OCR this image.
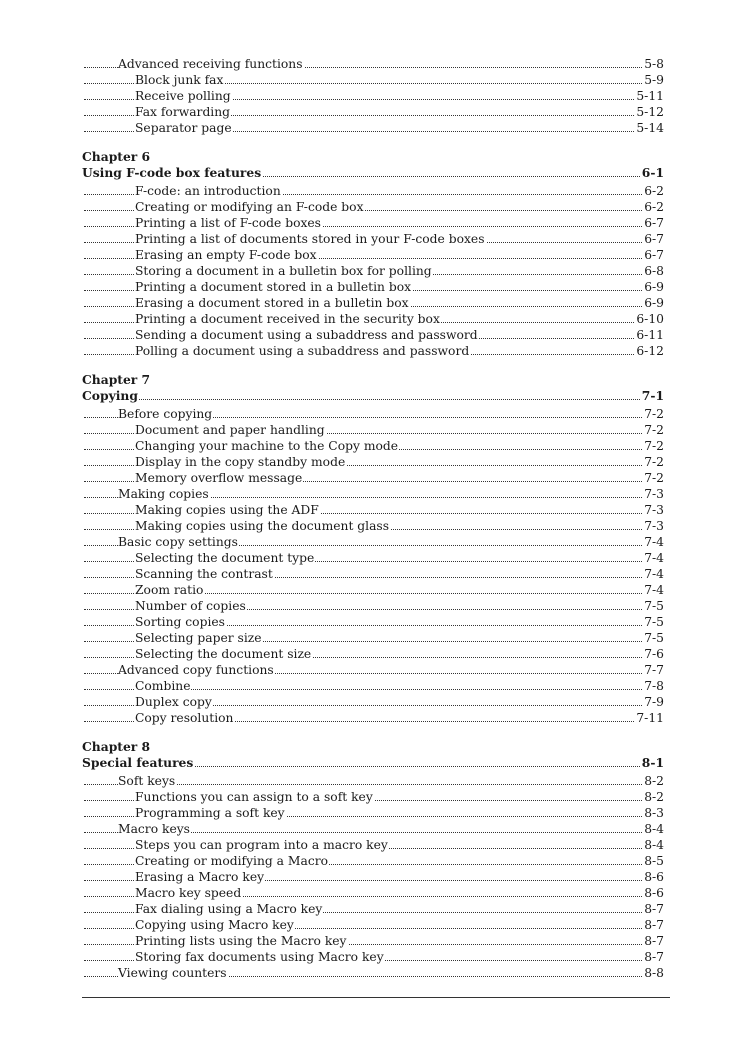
Advanced receiving functions	5-8
Block junk fax	5-9
Receive polling	5-11
Fax forwarding	5-12
Separator page	5-14
Chapter 6
Using F-code box features	6-1
F-code: an introduction	6-2
Creating or modifying an F-code box	6-2
Printing a list of F-code boxes	6-7
Printing a list of documents stored in your F-code boxes	6-7
Erasing an empty F-code box	6-7
Storing a document in a bulletin box for polling	6-8
Printing a document stored in a bulletin box	6-9
Erasing a document stored in a bulletin box	6-9
Printing a document received in the security box	6-10
Sending a document using a subaddress and password	6-11
Polling a document using a subaddress and password	6-12
Chapter 7
Copying	7-1
Before copying	7-2
Document and paper handling	7-2
Changing your machine to the Copy mode	7-2
Display in the copy standby mode	7-2
Memory overflow message	7-2
Making copies	7-3
Making copies using the ADF	7-3
Making copies using the document glass	7-3
Basic copy settings	7-4
Selecting the document type	7-4
Scanning the contrast	7-4
Zoom ratio	7-4
Number of copies	7-5
Sorting copies	7-5
Selecting paper size	7-5
Selecting the document size	7-6
Advanced copy functions	7-7
Combine	7-8
Duplex copy	7-9
Copy resolution	7-11
Chapter 8
Special features	8-1
Soft keys	8-2
Functions you can assign to a soft key	8-2
Programming a soft key	8-3
Macro keys	8-4
Steps you can program into a macro key	8-4
Creating or modifying a Macro	8-5
Erasing a Macro key	8-6
Macro key speed	8-6
Fax dialing using a Macro key	8-7
Copying using Macro key	8-7
Printing lists using the Macro key	8-7
Storing fax documents using Macro key	8-7
Viewing counters	8-8
